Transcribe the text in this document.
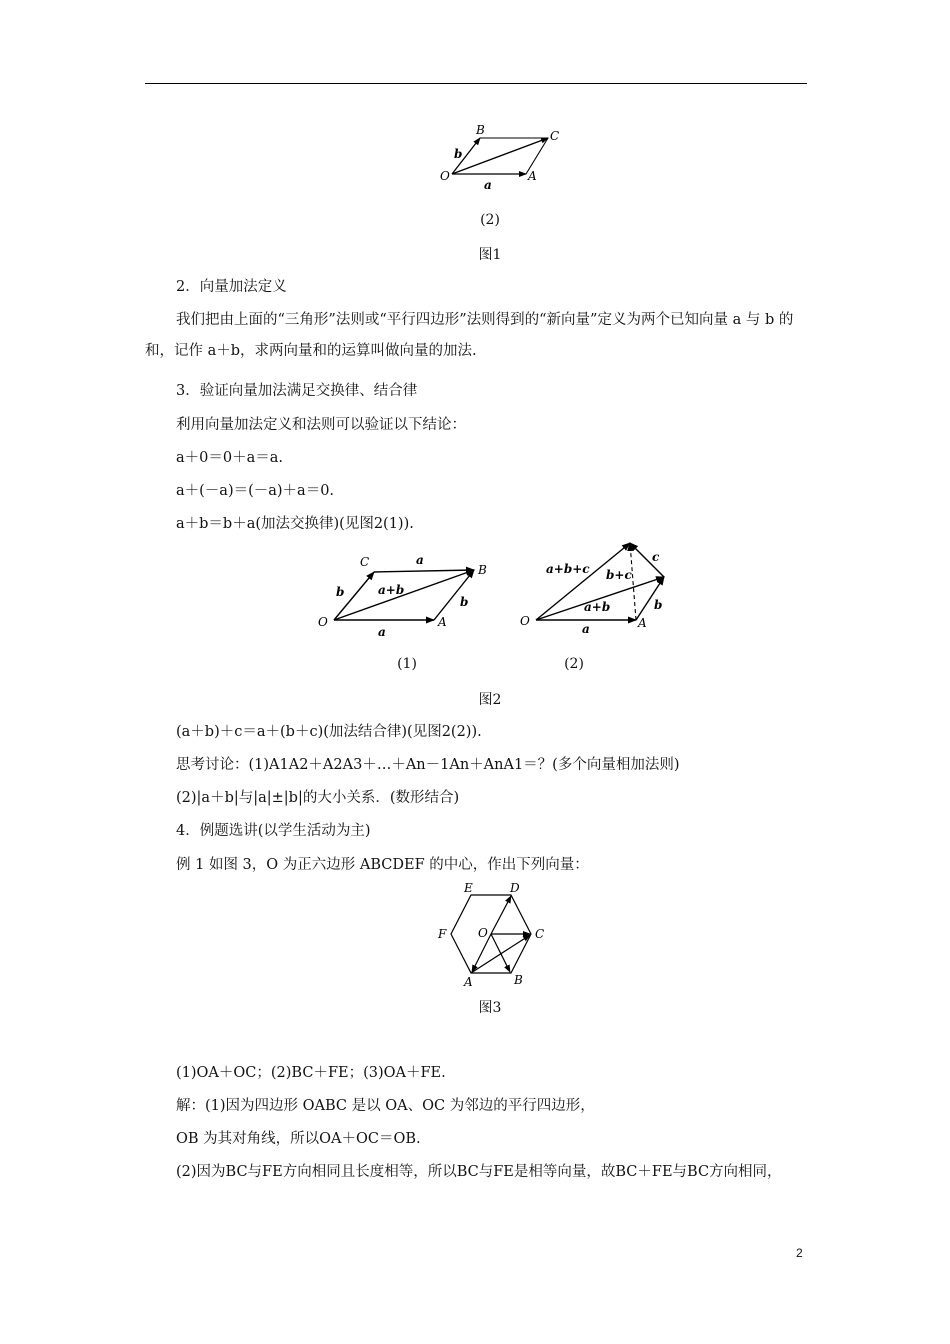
O	A
B	C
a
b
(2)
图1
2．向量加法定义
我们把由上面的“三角形”法则或“平行四边形”法则得到的“新向量”定义为两个已知向量 a 与 b 的和，记作 a＋b，求两向量和的运算叫做向量的加法.
3．验证向量加法满足交换律、结合律
利用向量加法定义和法则可以验证以下结论：
a＋0＝0＋a＝a.
a＋(－a)＝(－a)＋a＝0.
a＋b＝b＋a(加法交换律)(见图2(1)).
O	A
C
B
a
a
b
b
a+b
O	A
a
b
c
a+b
b+c
a+b+c
(1)	(2)
图2
(a＋b)＋c＝a＋(b＋c)(加法结合律)(见图2(2)).
思考讨论：(1)A1A2＋A2A3＋…＋An－1An＋AnA1＝？(多个向量相加法则)
(2)|a＋b|与|a|±|b|的大小关系．(数形结合)
4．例题选讲(以学生活动为主)
例 1 如图 3，O 为正六边形 ABCDEF 的中心，作出下列向量：
E	D
F	C
O
A	B
图3
(1)OA＋OC；(2)BC＋FE；(3)OA＋FE.
解：(1)因为四边形 OABC 是以 OA、OC 为邻边的平行四边形，
OB 为其对角线，所以OA＋OC＝OB.
(2)因为BC与FE方向相同且长度相等，所以BC与FE是相等向量，故BC＋FE与BC方向相同，
2
